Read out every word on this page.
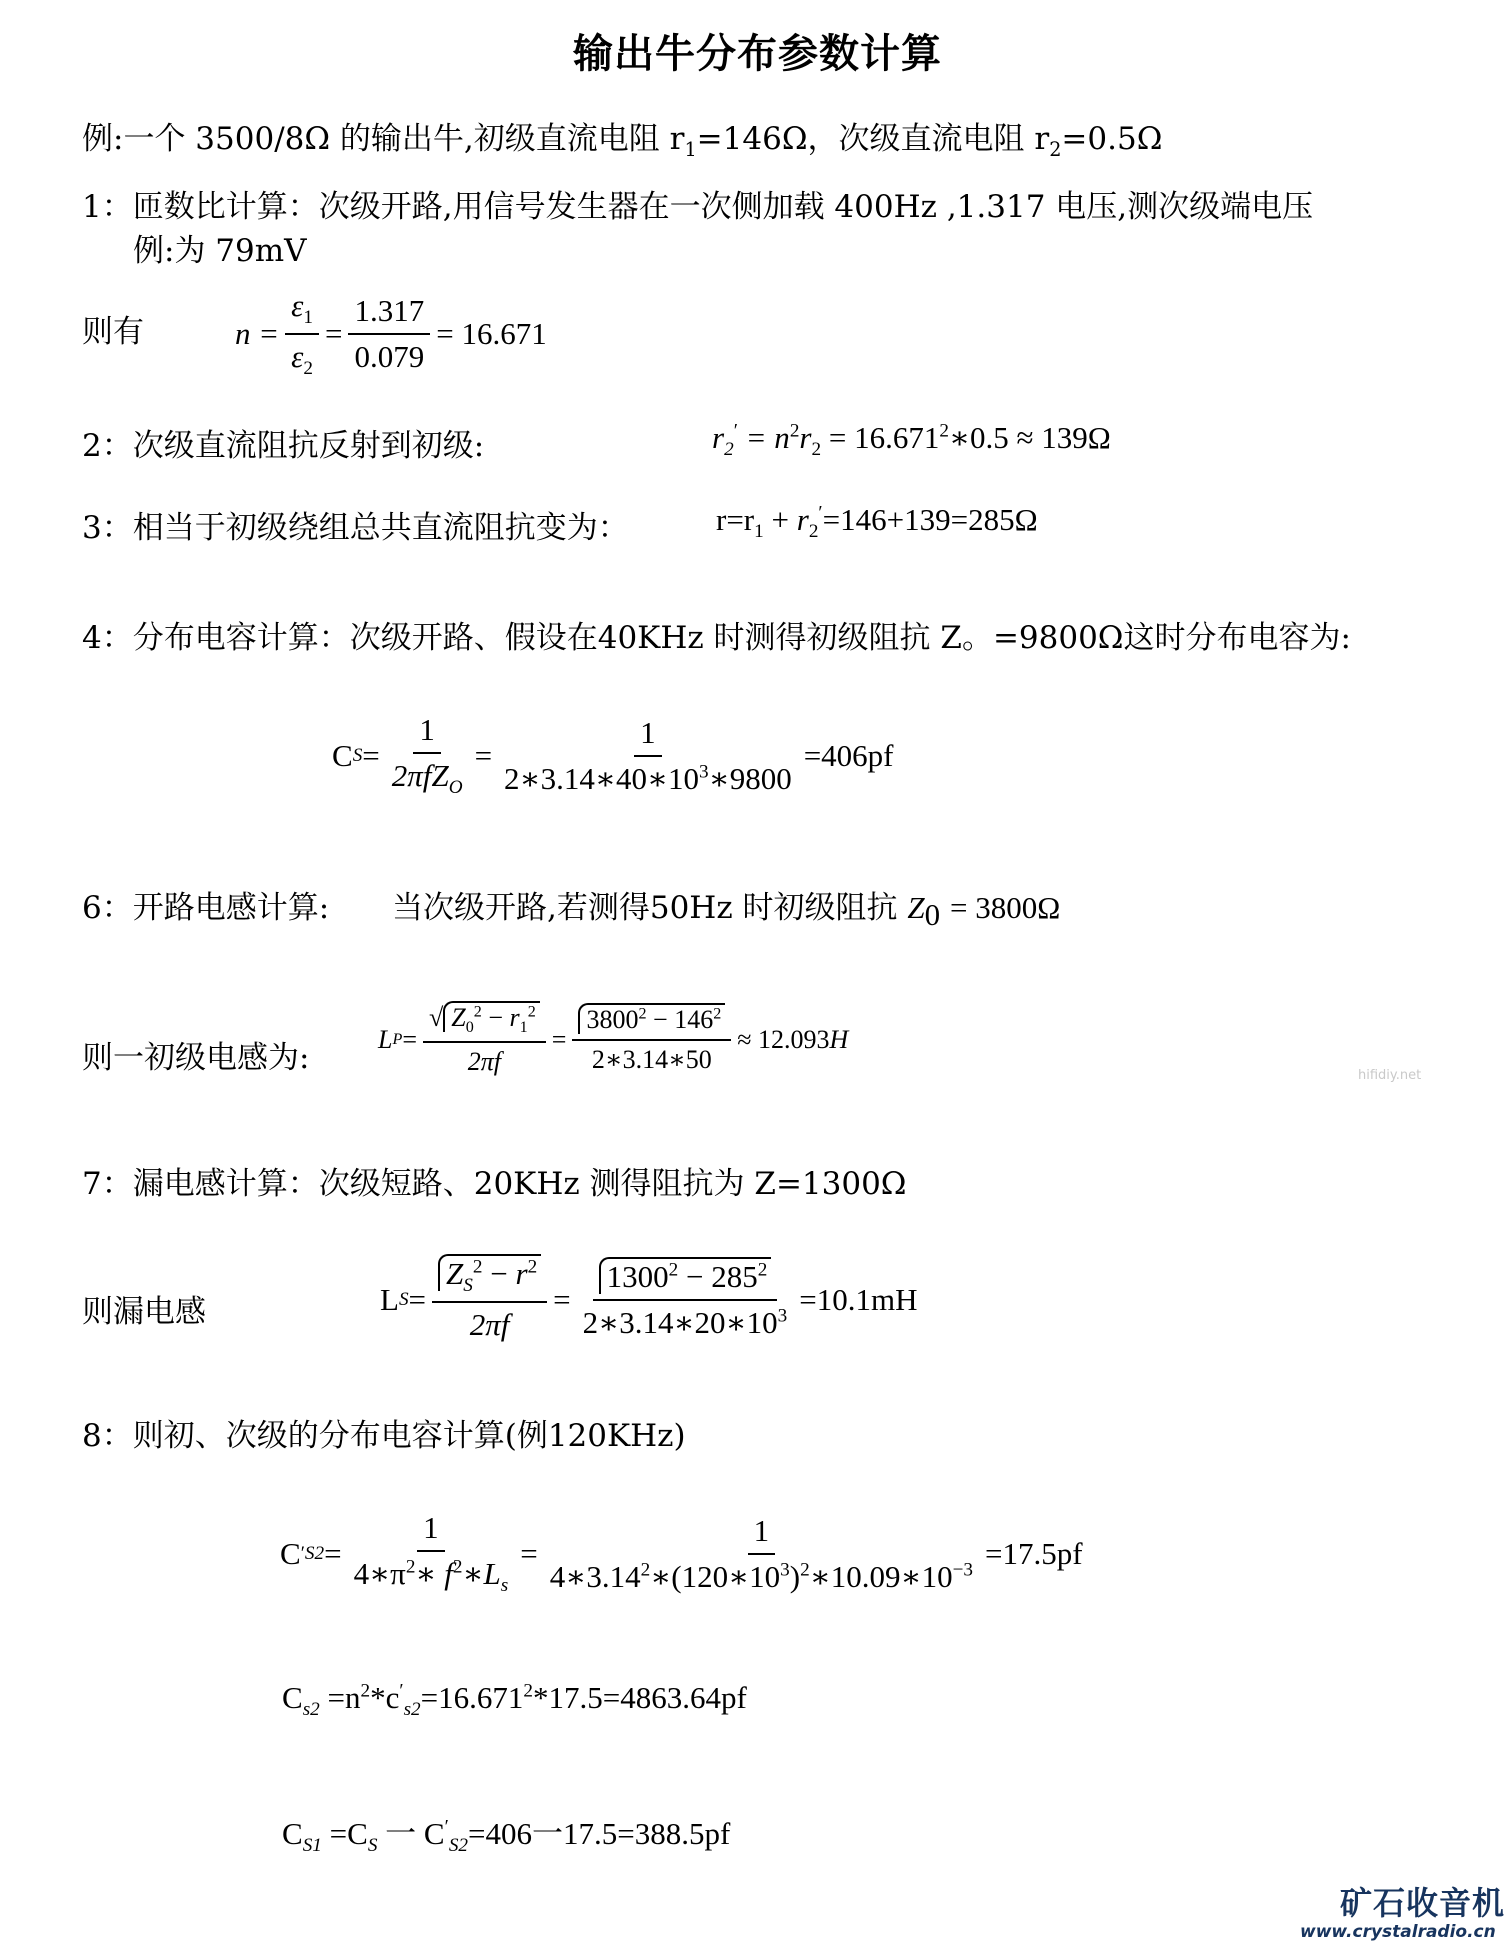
输出牛分布参数计算
例:一个 3500/8Ω 的输出牛,初级直流电阻 $r_1=146\Omega$，次级直流电阻 $r_2=0.5\Omega$
1：匝数比计算：次级开路,用信号发生器在一次侧加载 400Hz ,1.317 电压,测次级端电压
例:为 79mV
则有	$n = \frac{\varepsilon_1}{\varepsilon_2} = \frac{1.317}{0.079} = 16.671$
2：次级直流阻抗反射到初级:	$r_2' = n^2r_2$ = $16.671^2∗0.5 \approx 139\Omega$
3：相当于初级绕组总共直流阻抗变为：	$r=r_1 + r_2'=146+139=285\Omega$
4：分布电容计算：次级开路、假设在40KHz 时测得初级阻抗 Z。=9800Ω这时分布电容为:
C $S = \frac{1}{2\pi fZ_O} = \frac{1}{2∗3.14∗40∗10^3∗9800} =406pf$
6：开路电感计算: 当次级开路,若测得50Hz 时初级阻抗 $Z_0 = 3800\Omega$
则一初级电感为:
L $P = \frac{√ Z_0^2 - r_1^2}{2\pi f} = \frac{3800^2 - 146^2}{2∗3.14∗50} \approx 12.093$ H
7：漏电感计算：次级短路、20KHz 测得阻抗为 Z=1300Ω
则漏电感	L $S = \frac{Z_S^2 - r^2}{2\pi f} = \frac{1300^2 - 285^2}{2∗3.14∗20∗10^3} =10.1mH$
8：则初、次级的分布电容计算(例120KHz)
C ′ $S2 = \frac{1}{4∗\pi^2∗ f^2∗L_s} = \frac{1}{4∗3.14^2∗(120∗10^3)^2∗10.09∗10^{-3}} =17.5pf$
$C_{s2} =n^2*c'_{s2}=16.671^2*17.5=4863.64pf$
$C_{S1} =C_S$ 一 $C'_{S2}=406$一17.5=388.5pf
hifidiy.net
矿石收音机
www.crystalradio.cn
